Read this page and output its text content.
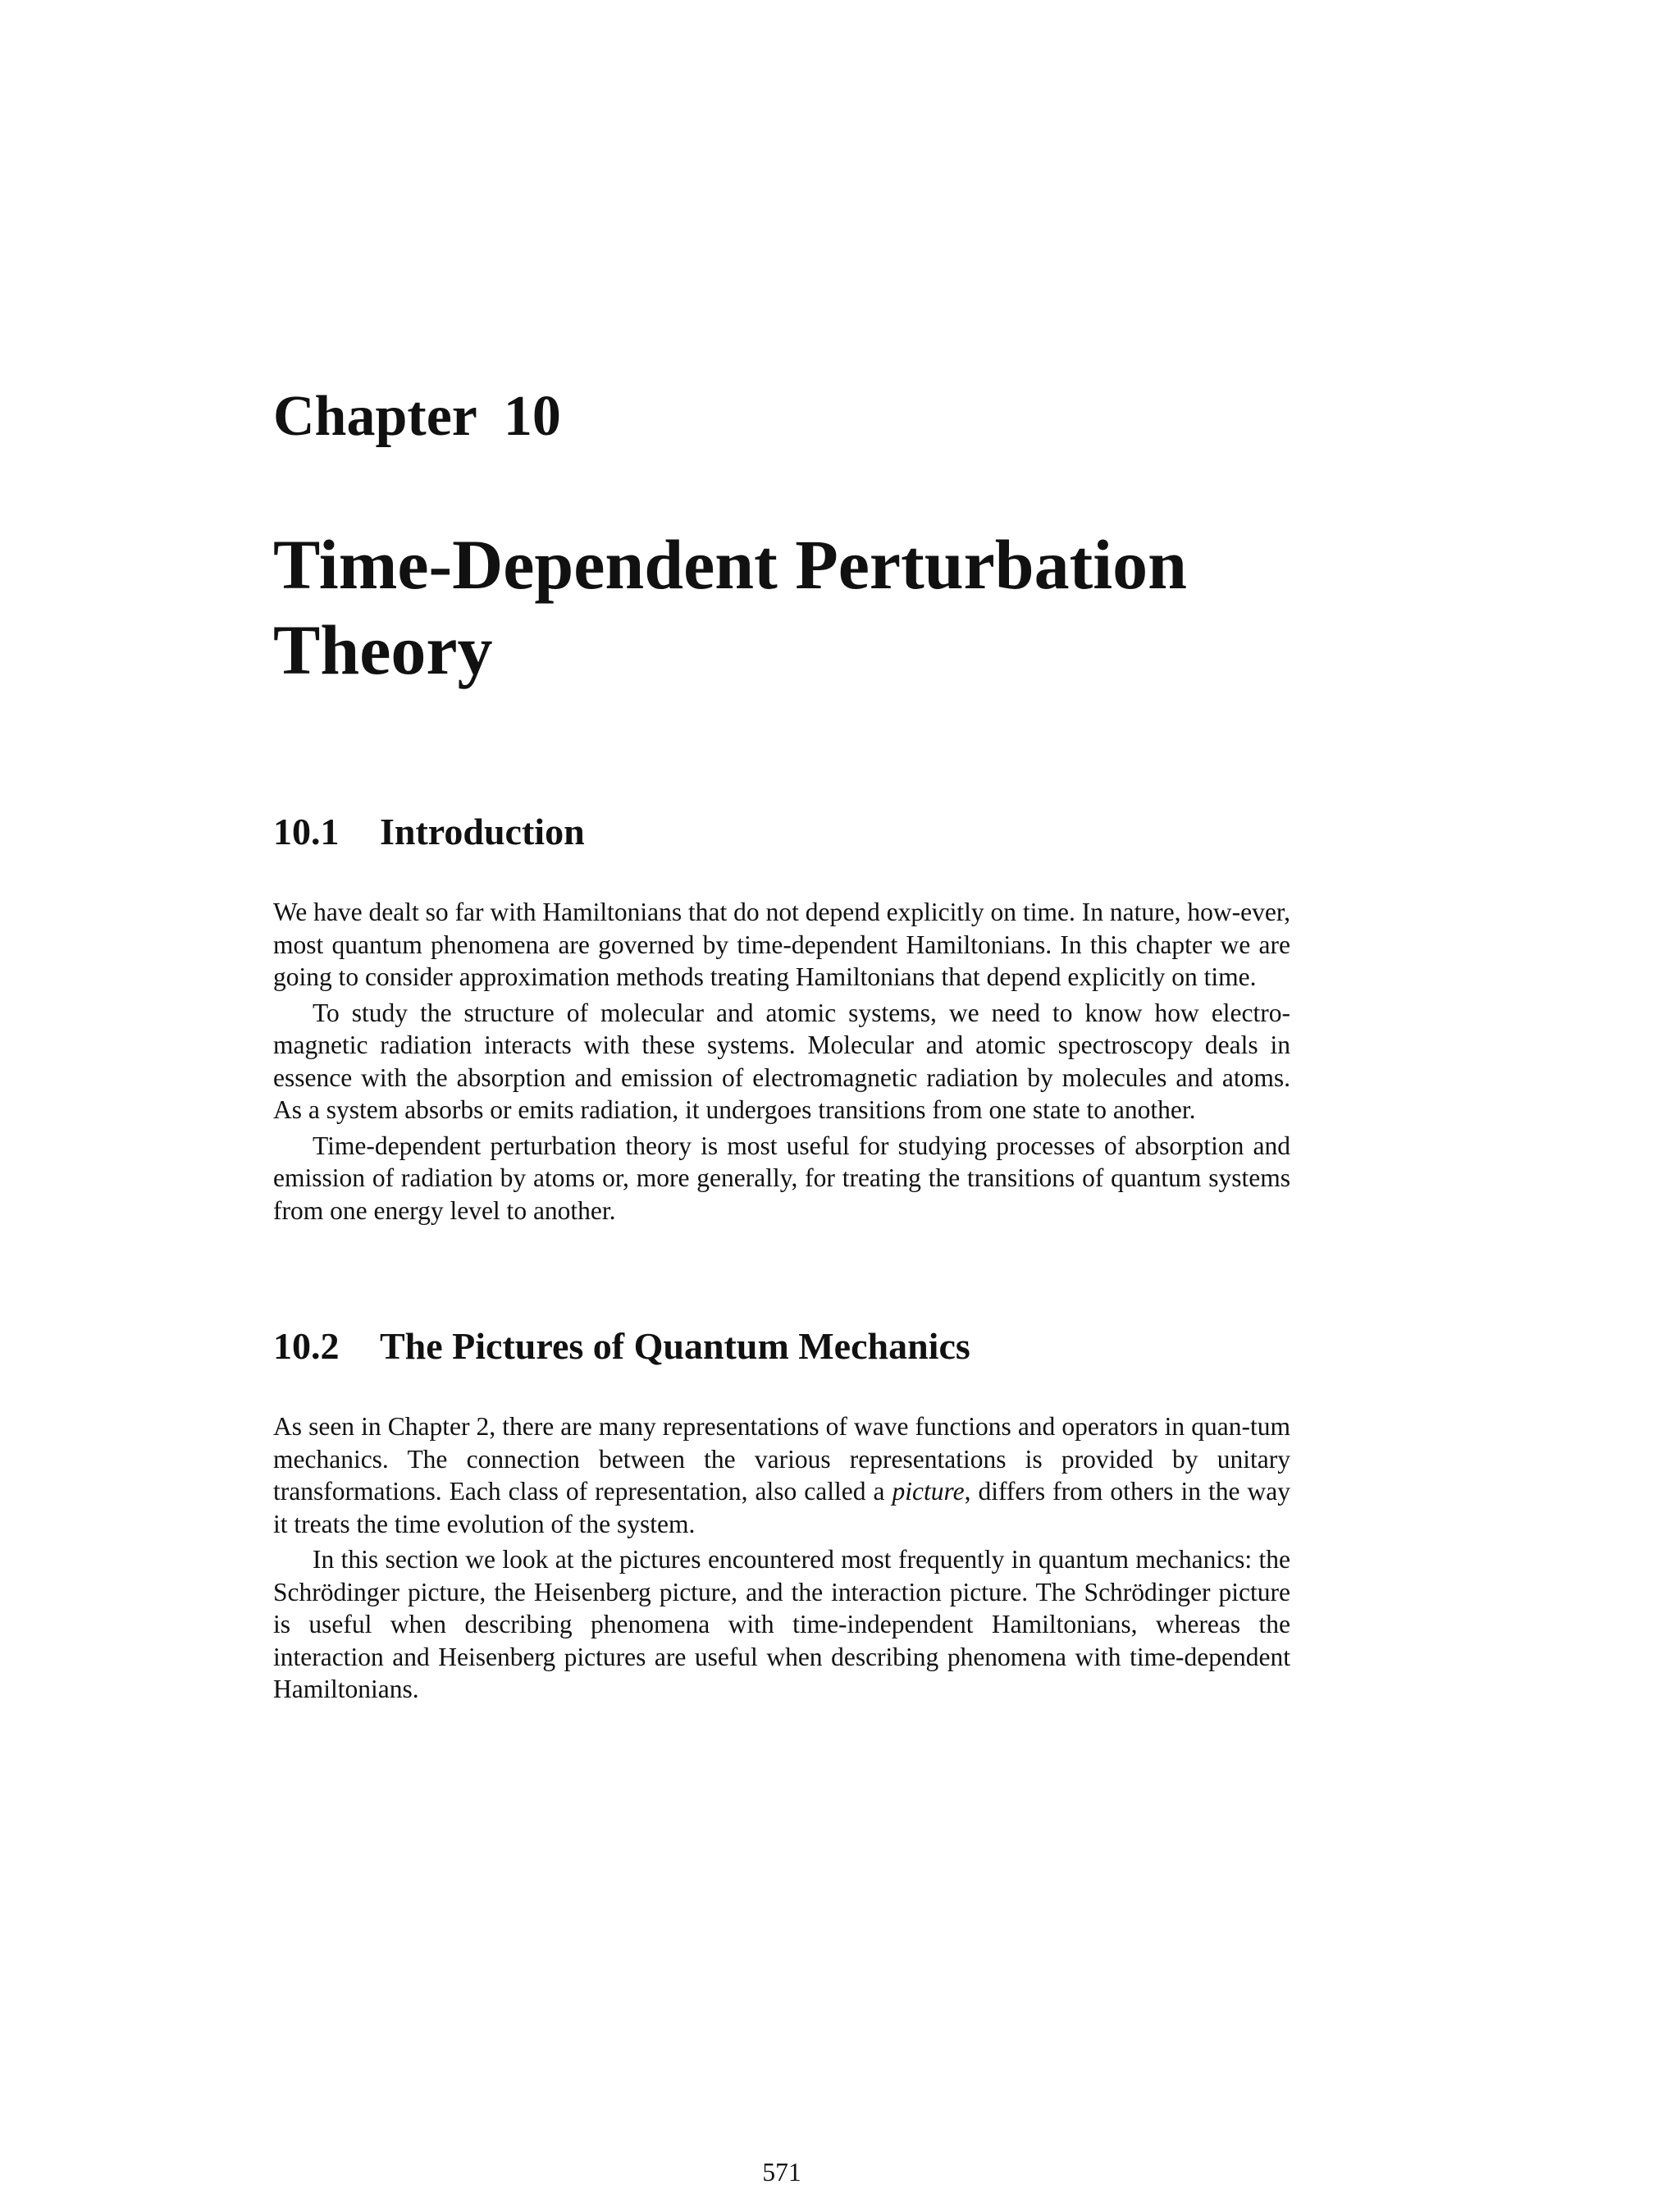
Chapter 10
Time-Dependent Perturbation
Theory
10.1 Introduction

We have dealt so far with Hamiltonians that do not depend explicitly on time. In nature, how-ever, most quantum phenomena are governed by time-dependent Hamiltonians. In this chapter we are going to consider approximation methods treating Hamiltonians that depend explicitly on time.

To study the structure of molecular and atomic systems, we need to know how electro-magnetic radiation interacts with these systems. Molecular and atomic spectroscopy deals in essence with the absorption and emission of electromagnetic radiation by molecules and atoms. As a system absorbs or emits radiation, it undergoes transitions from one state to another.

Time-dependent perturbation theory is most useful for studying processes of absorption and emission of radiation by atoms or, more generally, for treating the transitions of quantum systems from one energy level to another.

10.2 The Pictures of Quantum Mechanics

As seen in Chapter 2, there are many representations of wave functions and operators in quan-tum mechanics. The connection between the various representations is provided by unitary transformations. Each class of representation, also called a picture, differs from others in the way it treats the time evolution of the system.

In this section we look at the pictures encountered most frequently in quantum mechanics: the Schrödinger picture, the Heisenberg picture, and the interaction picture. The Schrödinger picture is useful when describing phenomena with time-independent Hamiltonians, whereas the interaction and Heisenberg pictures are useful when describing phenomena with time-dependent Hamiltonians.

571
